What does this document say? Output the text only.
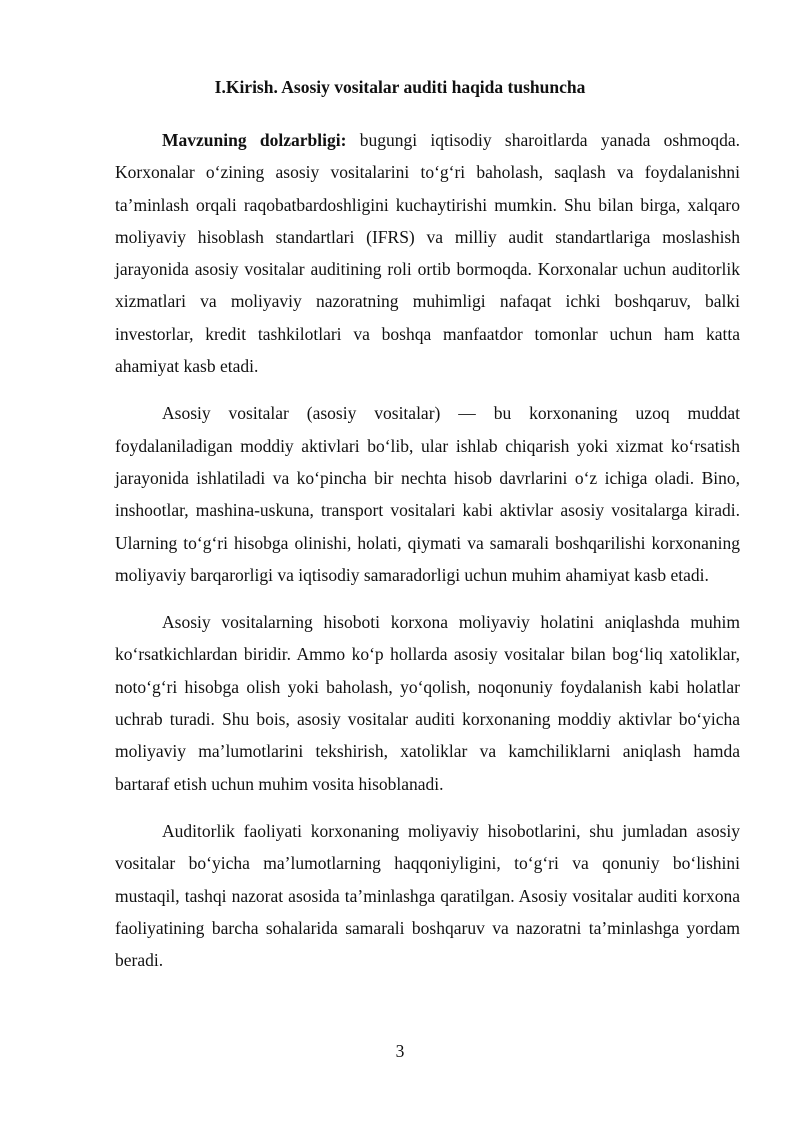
I.Kirish. Asosiy vositalar auditi haqida tushuncha

Mavzuning dolzarbligi: bugungi iqtisodiy sharoitlarda yanada oshmoqda. Korxonalar o‘zining asosiy vositalarini to‘g‘ri baholash, saqlash va foydalanishni ta’minlash orqali raqobatbardoshligini kuchaytirishi mumkin. Shu bilan birga, xalqaro moliyaviy hisoblash standartlari (IFRS) va milliy audit standartlariga moslashish jarayonida asosiy vositalar auditining roli ortib bormoqda. Korxonalar uchun auditorlik xizmatlari va moliyaviy nazoratning muhimligi nafaqat ichki boshqaruv, balki investorlar, kredit tashkilotlari va boshqa manfaatdor tomonlar uchun ham katta ahamiyat kasb etadi.

Asosiy vositalar (asosiy vositalar) — bu korxonaning uzoq muddat foydalaniladigan moddiy aktivlari bo‘lib, ular ishlab chiqarish yoki xizmat ko‘rsatish jarayonida ishlatiladi va ko‘pincha bir nechta hisob davrlarini o‘z ichiga oladi. Bino, inshootlar, mashina-uskuna, transport vositalari kabi aktivlar asosiy vositalarga kiradi. Ularning to‘g‘ri hisobga olinishi, holati, qiymati va samarali boshqarilishi korxonaning moliyaviy barqarorligi va iqtisodiy samaradorligi uchun muhim ahamiyat kasb etadi.

Asosiy vositalarning hisoboti korxona moliyaviy holatini aniqlashda muhim ko‘rsatkichlardan biridir. Ammo ko‘p hollarda asosiy vositalar bilan bog‘liq xatoliklar, noto‘g‘ri hisobga olish yoki baholash, yo‘qolish, noqonuniy foydalanish kabi holatlar uchrab turadi. Shu bois, asosiy vositalar auditi korxonaning moddiy aktivlar bo‘yicha moliyaviy ma’lumotlarini tekshirish, xatoliklar va kamchiliklarni aniqlash hamda bartaraf etish uchun muhim vosita hisoblanadi.

Auditorlik faoliyati korxonaning moliyaviy hisobotlarini, shu jumladan asosiy vositalar bo‘yicha ma’lumotlarning haqqoniyligini, to‘g‘ri va qonuniy bo‘lishini mustaqil, tashqi nazorat asosida ta’minlashga qaratilgan. Asosiy vositalar auditi korxona faoliyatining barcha sohalarida samarali boshqaruv va nazoratni ta’minlashga yordam beradi.

3
